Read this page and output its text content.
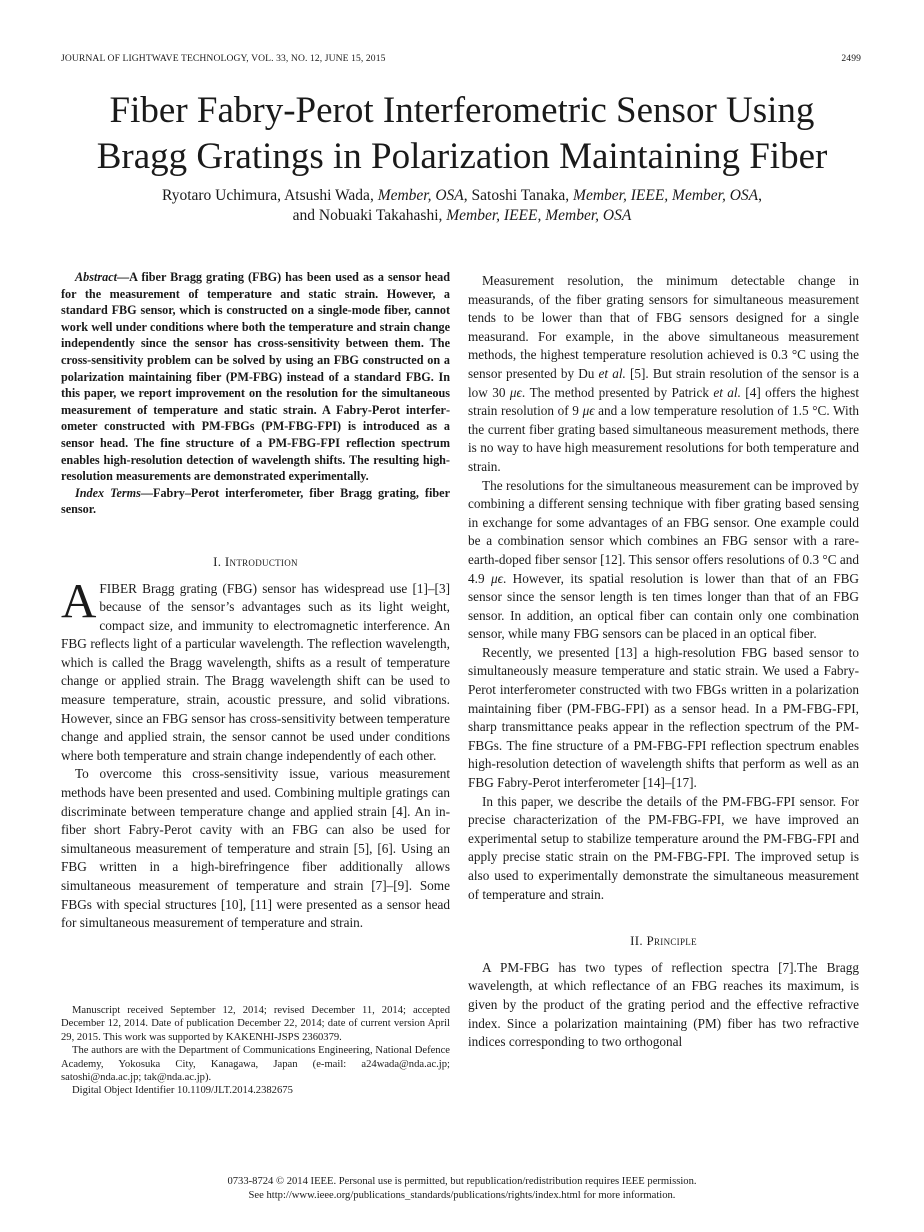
JOURNAL OF LIGHTWAVE TECHNOLOGY, VOL. 33, NO. 12, JUNE 15, 2015	2499
Fiber Fabry-Perot Interferometric Sensor Using
Bragg Gratings in Polarization Maintaining Fiber
Ryotaro Uchimura, Atsushi Wada, Member, OSA, Satoshi Tanaka, Member, IEEE, Member, OSA,
and Nobuaki Takahashi, Member, IEEE, Member, OSA

Abstract—A fiber Bragg grating (FBG) has been used as a sensor head for the measurement of temperature and static strain. However, a standard FBG sensor, which is constructed on a single-mode fiber, cannot work well under conditions where both the temperature and strain change independently since the sensor has cross-sensitivity between them. The cross-sensitivity problem can be solved by using an FBG constructed on a polarization maintaining fiber (PM-FBG) instead of a standard FBG. In this paper, we report improvement on the resolution for the simultaneous measurement of temperature and static strain. A Fabry-Perot interferometer constructed with PM-FBGs (PM-FBG-FPI) is introduced as a sensor head. The fine structure of a PM-FBG-FPI reflection spectrum enables high-resolution detection of wavelength shifts. The resulting high-resolution measurements are demonstrated experimentally.

Index Terms—Fabry–Perot interferometer, fiber Bragg grating, fiber sensor.

I. Introduction

AFIBER Bragg grating (FBG) sensor has widespread use [1]–[3] because of the sensor’s advantages such as its light weight, compact size, and immunity to electromagnetic interference. An FBG reflects light of a particular wavelength. The reflection wavelength, which is called the Bragg wavelength, shifts as a result of temperature change or applied strain. The Bragg wavelength shift can be used to measure temperature, strain, acoustic pressure, and solid vibrations. However, since an FBG sensor has cross-sensitivity between temperature change and applied strain, the sensor cannot be used under conditions where both temperature and strain change independently of each other.

To overcome this cross-sensitivity issue, various measurement methods have been presented and used. Combining multiple gratings can discriminate between temperature change and applied strain [4]. An in-fiber short Fabry-Perot cavity with an FBG can also be used for simultaneous measurement of temperature and strain [5], [6]. Using an FBG written in a high-birefringence fiber additionally allows simultaneous measurement of temperature and strain [7]–[9]. Some FBGs with special structures [10], [11] were presented as a sensor head for simultaneous measurement of temperature and strain.

Manuscript received September 12, 2014; revised December 11, 2014; accepted December 12, 2014. Date of publication December 22, 2014; date of current version April 29, 2015. This work was supported by KAKENHI-JSPS 2360379.

The authors are with the Department of Communications Engineering, National Defence Academy, Yokosuka City, Kanagawa, Japan (e-mail: a24wada@nda.ac.jp; satoshi@nda.ac.jp; tak@nda.ac.jp).

Digital Object Identifier 10.1109/JLT.2014.2382675

Measurement resolution, the minimum detectable change in measurands, of the fiber grating sensors for simultaneous measurement tends to be lower than that of FBG sensors designed for a single measurand. For example, in the above simultaneous measurement methods, the highest temperature resolution achieved is 0.3 °C using the sensor presented by Du et al. [5]. But strain resolution of the sensor is a low 30 μϵ. The method presented by Patrick et al. [4] offers the highest strain resolution of 9 μϵ and a low temperature resolution of 1.5 °C. With the current fiber grating based simultaneous measurement methods, there is no way to have high measurement resolutions for both temperature and strain.

The resolutions for the simultaneous measurement can be improved by combining a different sensing technique with fiber grating based sensing in exchange for some advantages of an FBG sensor. One example could be a combination sensor which combines an FBG sensor with a rare-earth-doped fiber sensor [12]. This sensor offers resolutions of 0.3 °C and 4.9 μϵ. However, its spatial resolution is lower than that of an FBG sensor since the sensor length is ten times longer than that of an FBG sensor. In addition, an optical fiber can contain only one combination sensor, while many FBG sensors can be placed in an optical fiber.

Recently, we presented [13] a high-resolution FBG based sensor to simultaneously measure temperature and static strain. We used a Fabry-Perot interferometer constructed with two FBGs written in a polarization maintaining fiber (PM-FBG-FPI) as a sensor head. In a PM-FBG-FPI, sharp transmittance peaks appear in the reflection spectrum of the PM-FBGs. The fine structure of a PM-FBG-FPI reflection spectrum enables high-resolution detection of wavelength shifts that perform as well as an FBG Fabry-Perot interferometer [14]–[17].

In this paper, we describe the details of the PM-FBG-FPI sensor. For precise characterization of the PM-FBG-FPI, we have improved an experimental setup to stabilize temperature around the PM-FBG-FPI and apply precise static strain on the PM-FBG-FPI. The improved setup is also used to experimentally demonstrate the simultaneous measurement of temperature and strain.

II. Principle

A PM-FBG has two types of reflection spectra [7].The Bragg wavelength, at which reflectance of an FBG reaches its maximum, is given by the product of the grating period and the effective refractive index. Since a polarization maintaining (PM) fiber has two refractive indices corresponding to two orthogonal

0733-8724 © 2014 IEEE. Personal use is permitted, but republication/redistribution requires IEEE permission.
See http://www.ieee.org/publications_standards/publications/rights/index.html for more information.
